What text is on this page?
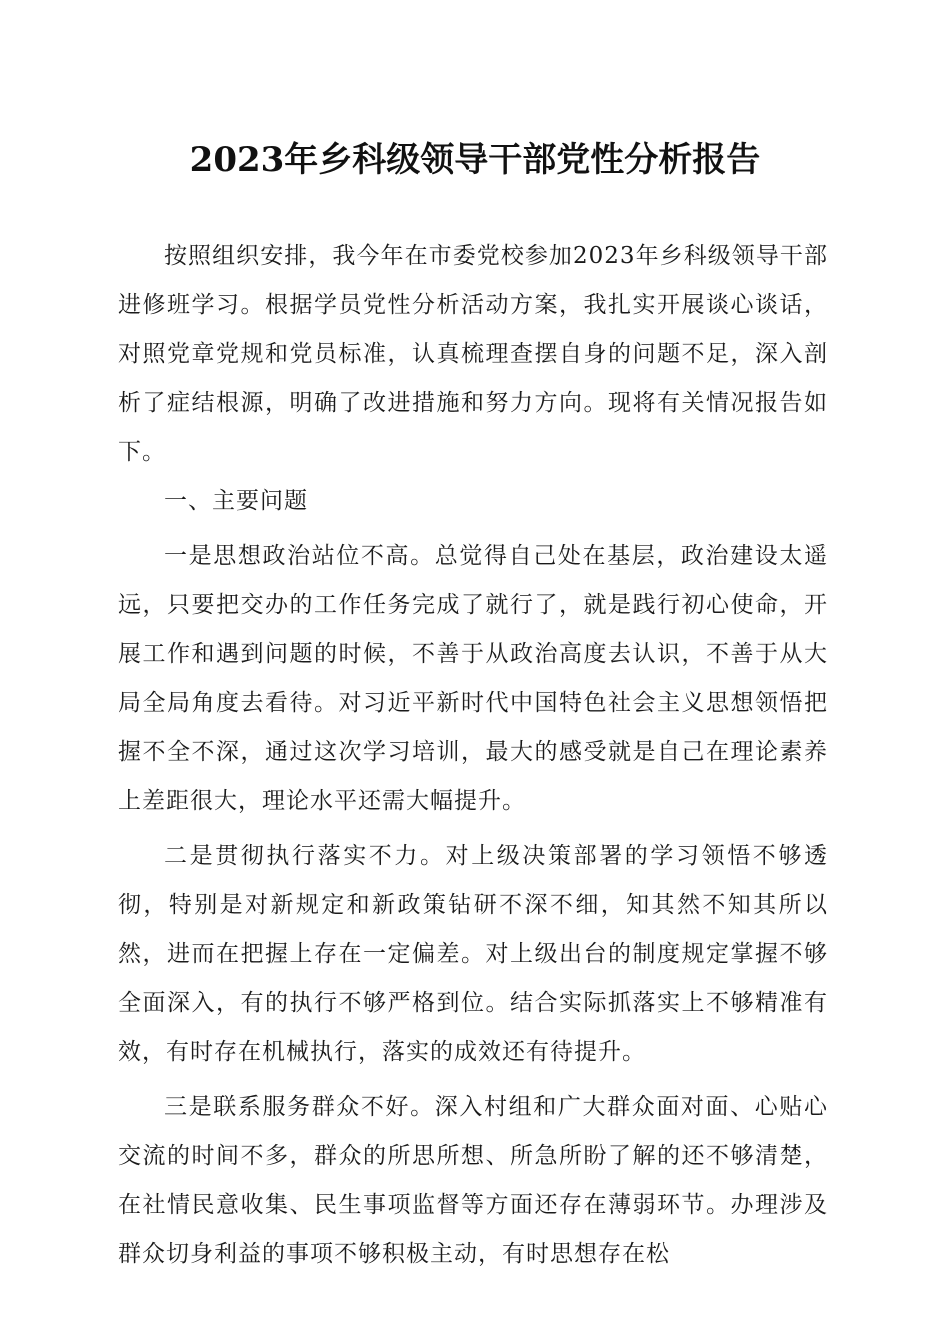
2023年乡科级领导干部党性分析报告

按照组织安排，我今年在市委党校参加2023年乡科级领导干部进修班学习。根据学员党性分析活动方案，我扎实开展谈心谈话，对照党章党规和党员标准，认真梳理查摆自身的问题不足，深入剖析了症结根源，明确了改进措施和努力方向。现将有关情况报告如下。

一、主要问题

一是思想政治站位不高。总觉得自己处在基层，政治建设太遥远，只要把交办的工作任务完成了就行了，就是践行初心使命，开展工作和遇到问题的时候，不善于从政治高度去认识，不善于从大局全局角度去看待。对习近平新时代中国特色社会主义思想领悟把握不全不深，通过这次学习培训，最大的感受就是自己在理论素养上差距很大，理论水平还需大幅提升。

二是贯彻执行落实不力。对上级决策部署的学习领悟不够透彻，特别是对新规定和新政策钻研不深不细，知其然不知其所以然，进而在把握上存在一定偏差。对上级出台的制度规定掌握不够全面深入，有的执行不够严格到位。结合实际抓落实上不够精准有效，有时存在机械执行，落实的成效还有待提升。

三是联系服务群众不好。深入村组和广大群众面对面、心贴心交流的时间不多，群众的所思所想、所急所盼了解的还不够清楚，在社情民意收集、民生事项监督等方面还存在薄弱环节。办理涉及群众切身利益的事项不够积极主动，有时思想存在松
